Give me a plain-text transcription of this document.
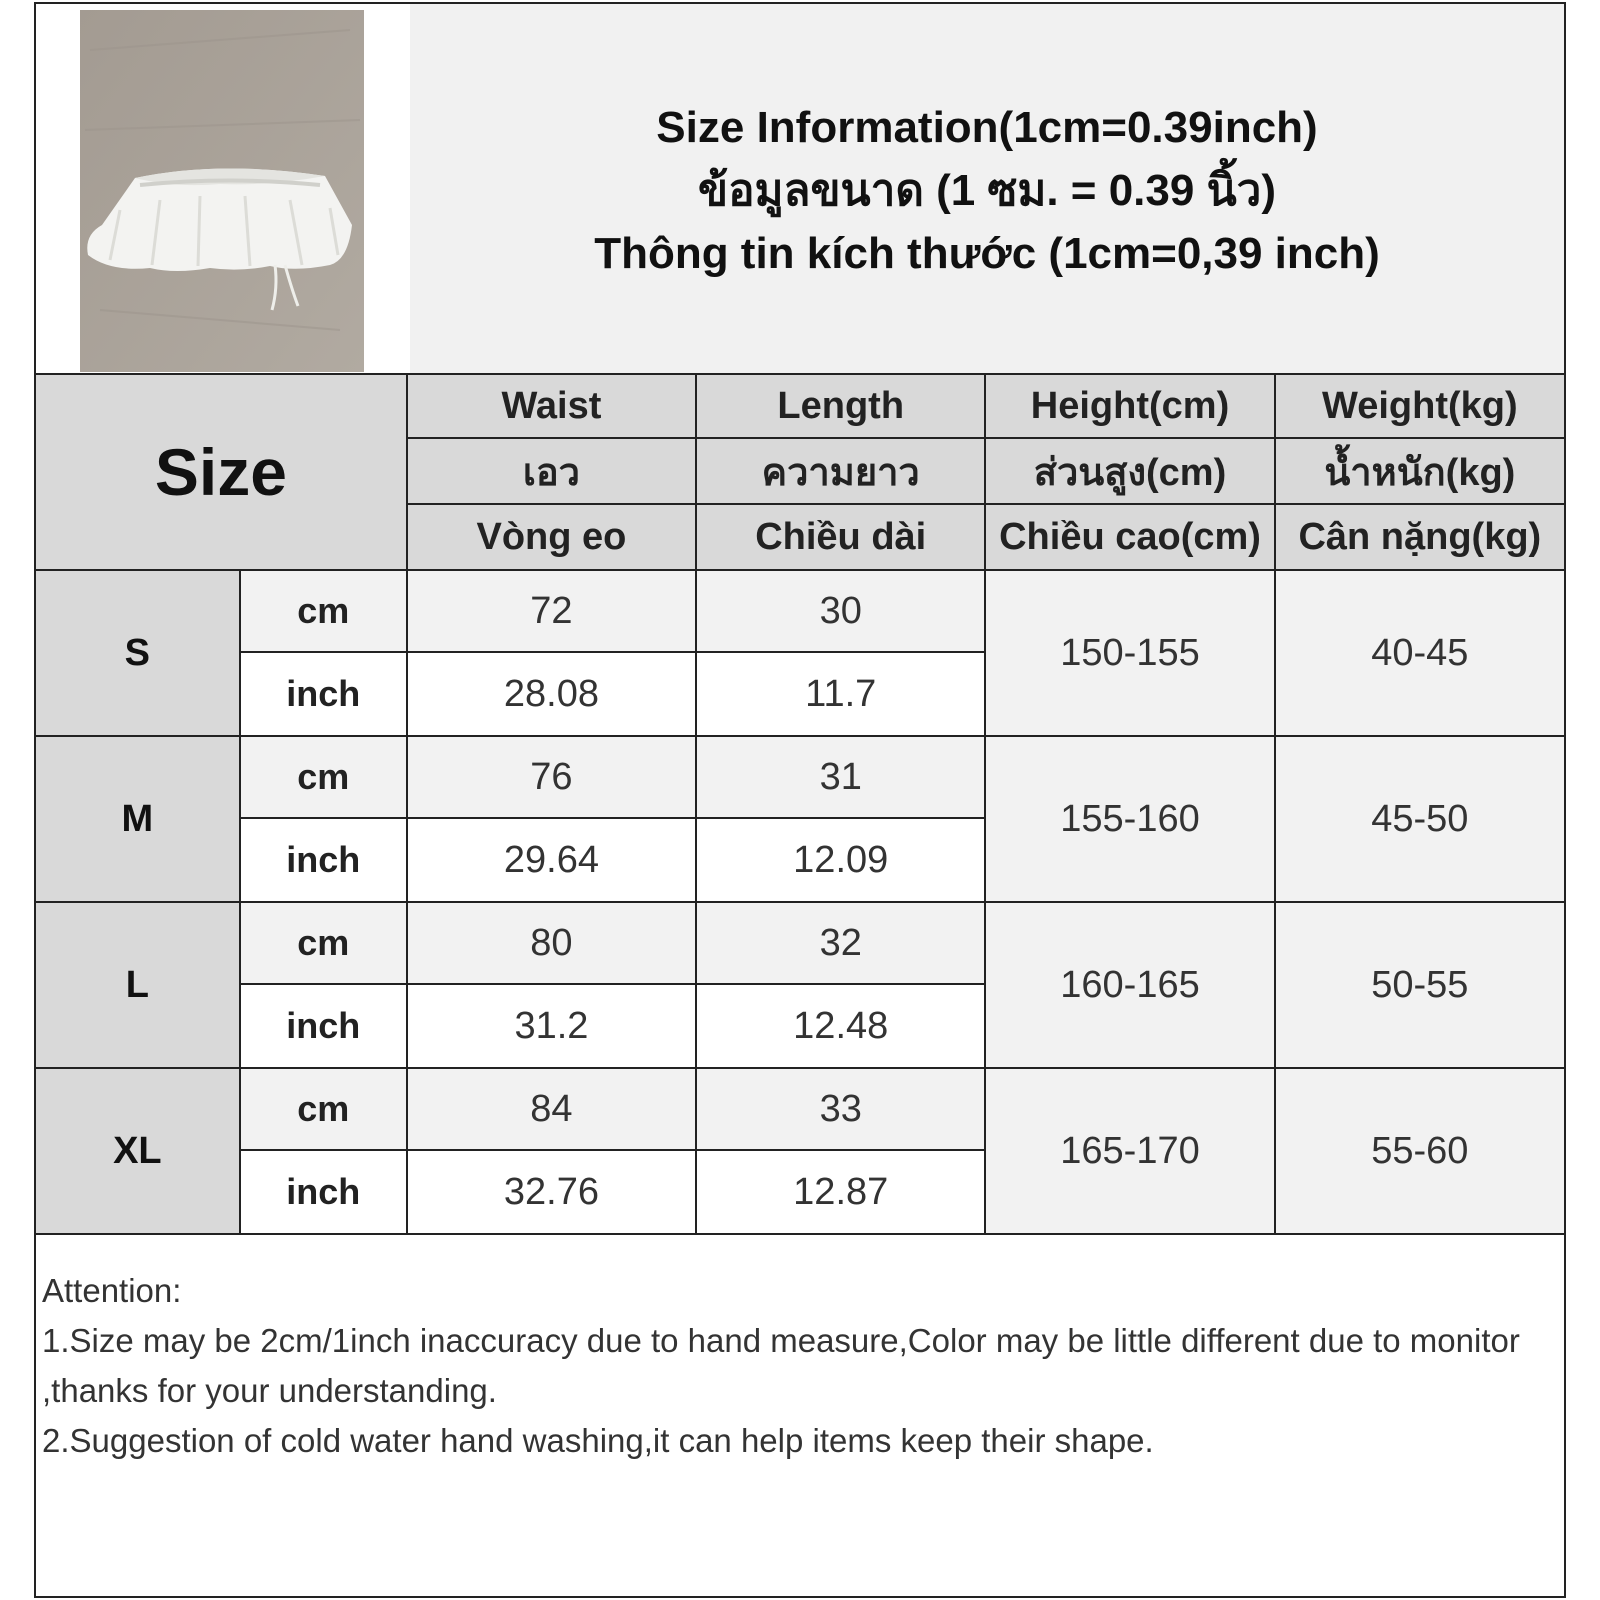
Size Information(1cm=0.39inch)
ข้อมูลขนาด (1 ซม. = 0.39 นิ้ว)
Thông tin kích thước (1cm=0,39 inch)
Size		Waist	Length	Height(cm)	Weight(kg)
		เอว	ความยาว	ส่วนสูง(cm)	น้ำหนัก(kg)
		Vòng eo	Chiều dài	Chiều cao(cm)	Cân nặng(kg)
S	cm	72	30	150-155	40-45
	inch	28.08	11.7		
M	cm	76	31	155-160	45-50
	inch	29.64	12.09		
L	cm	80	32	160-165	50-55
	inch	31.2	12.48		
XL	cm	84	33	165-170	55-60
	inch	32.76	12.87		
Attention:
1.Size may be 2cm/1inch inaccuracy due to hand measure,Color may be little different due to monitor ,thanks for your understanding.
2.Suggestion of cold water hand washing,it can help items keep their shape.
